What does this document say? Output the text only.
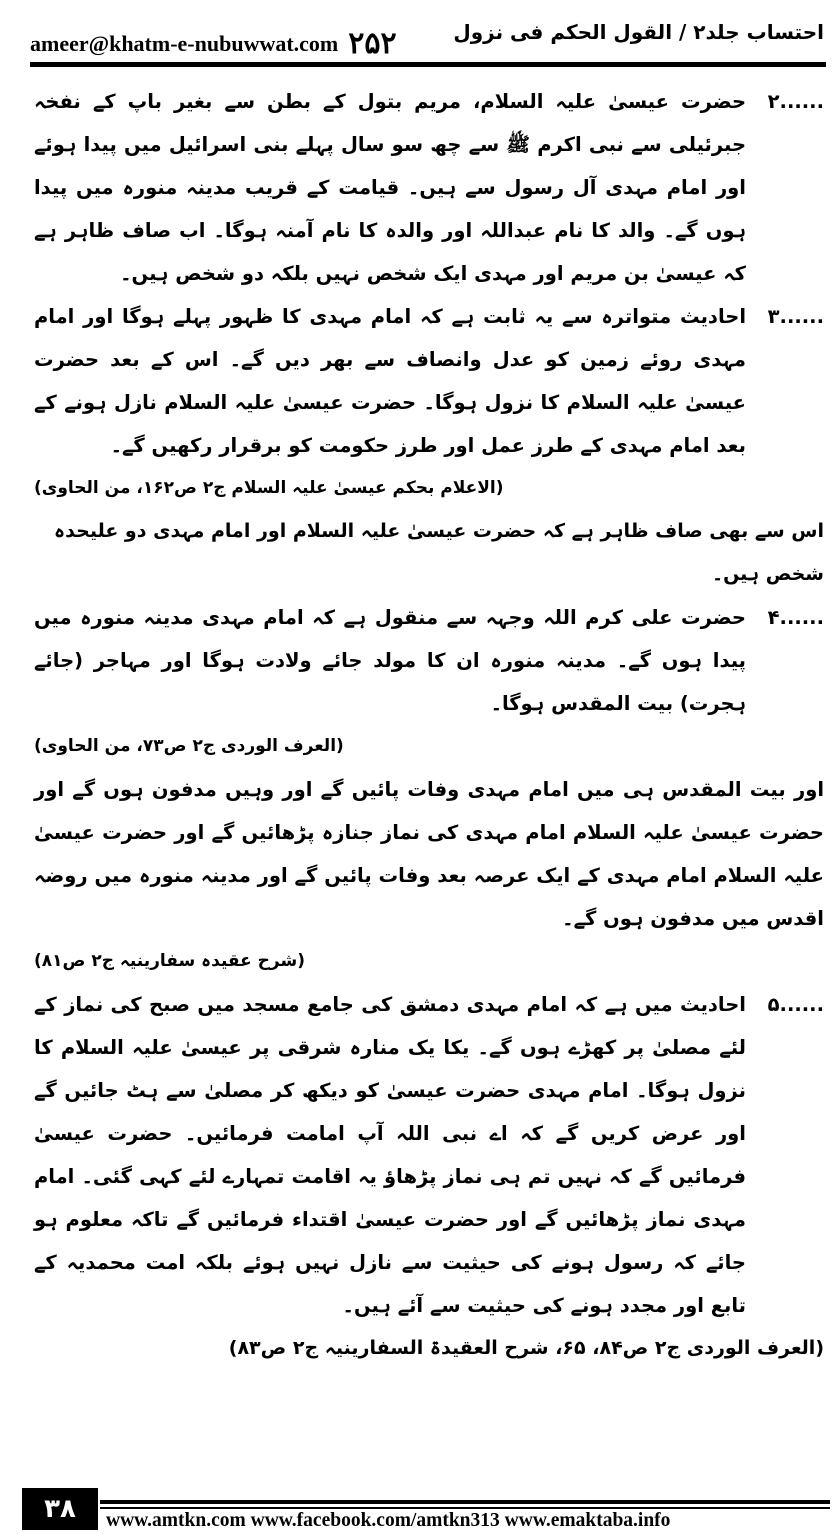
ameer@khatm-e-nubuwwat.com ۲۵۲	احتساب جلد۲ / القول الحکم فی نزول
۲......
حضرت عیسیٰ علیہ السلام، مریم بتول کے بطن سے بغیر باپ کے نفخہ جبرئیلی سے نبی اکرم ﷺ سے چھ سو سال پہلے بنی اسرائیل میں پیدا ہوئے اور امام مہدی آل رسول سے ہیں۔ قیامت کے قریب مدینہ منورہ میں پیدا ہوں گے۔ والد کا نام عبداللہ اور والدہ کا نام آمنہ ہوگا۔ اب صاف ظاہر ہے کہ عیسیٰ بن مریم اور مہدی ایک شخص نہیں بلکہ دو شخص ہیں۔
۳......
احادیث متواترہ سے یہ ثابت ہے کہ امام مہدی کا ظہور پہلے ہوگا اور امام مہدی روئے زمین کو عدل وانصاف سے بھر دیں گے۔ اس کے بعد حضرت عیسیٰ علیہ السلام کا نزول ہوگا۔ حضرت عیسیٰ علیہ السلام نازل ہونے کے بعد امام مہدی کے طرز عمل اور طرز حکومت کو برقرار رکھیں گے۔
(الاعلام بحکم عیسیٰ علیہ السلام ج۲ ص۱۶۲، من الحاوی)
اس سے بھی صاف ظاہر ہے کہ حضرت عیسیٰ علیہ السلام اور امام مہدی دو علیحدہ شخص ہیں۔
۴......
حضرت علی کرم اللہ وجہہ سے منقول ہے کہ امام مہدی مدینہ منورہ میں پیدا ہوں گے۔ مدینہ منورہ ان کا مولد جائے ولادت ہوگا اور مہاجر (جائے ہجرت) بیت المقدس ہوگا۔
(العرف الوردی ج۲ ص۷۳، من الحاوی)
اور بیت المقدس ہی میں امام مہدی وفات پائیں گے اور وہیں مدفون ہوں گے اور حضرت عیسیٰ علیہ السلام امام مہدی کی نماز جنازہ پڑھائیں گے اور حضرت عیسیٰ علیہ السلام امام مہدی کے ایک عرصہ بعد وفات پائیں گے اور مدینہ منورہ میں روضہ اقدس میں مدفون ہوں گے۔
(شرح عقیدہ سفارینیہ ج۲ ص۸۱)
۵......
احادیث میں ہے کہ امام مہدی دمشق کی جامع مسجد میں صبح کی نماز کے لئے مصلیٰ پر کھڑے ہوں گے۔ یکا یک منارہ شرقی پر عیسیٰ علیہ السلام کا نزول ہوگا۔ امام مہدی حضرت عیسیٰ کو دیکھ کر مصلیٰ سے ہٹ جائیں گے اور عرض کریں گے کہ اے نبی اللہ آپ امامت فرمائیں۔ حضرت عیسیٰ فرمائیں گے کہ نہیں تم ہی نماز پڑھاؤ یہ اقامت تمہارے لئے کہی گئی۔ امام مہدی نماز پڑھائیں گے اور حضرت عیسیٰ اقتداء فرمائیں گے تاکہ معلوم ہو جائے کہ رسول ہونے کی حیثیت سے نازل نہیں ہوئے بلکہ امت محمدیہ کے تابع اور مجدد ہونے کی حیثیت سے آئے ہیں۔
(العرف الوردی ج۲ ص۸۴، ۶۵، شرح العقیدۃ السفارینیہ ج۲ ص۸۳)
۳۸	www.amtkn.com www.facebook.com/amtkn313 www.emaktaba.info
